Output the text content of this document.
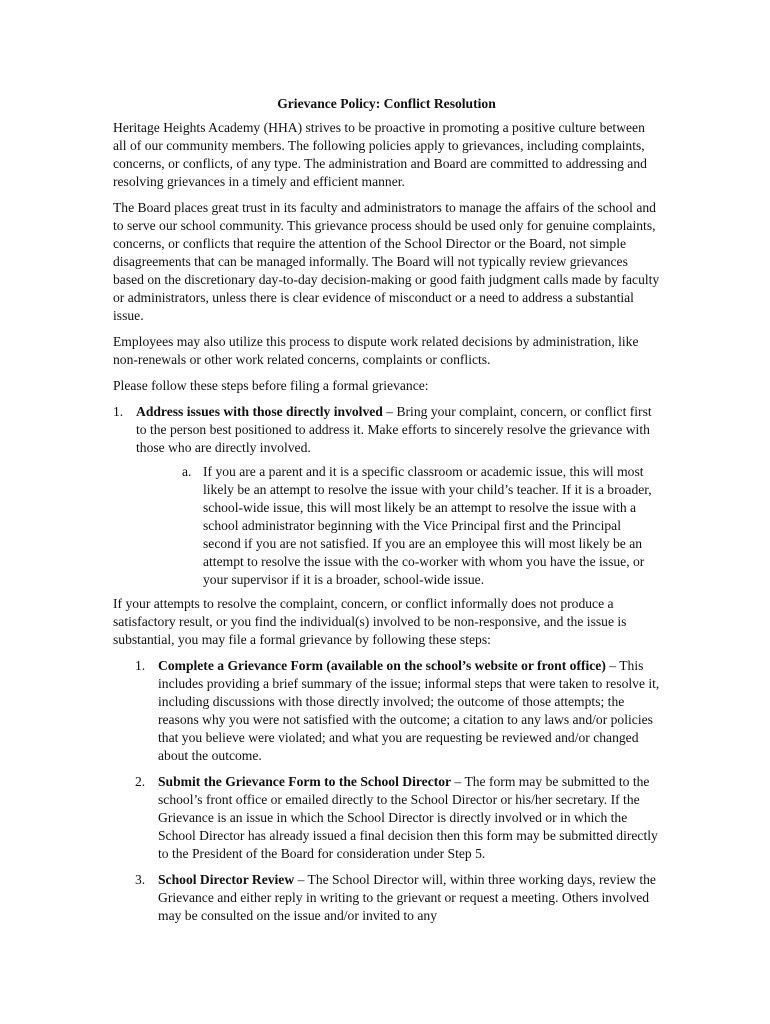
Grievance Policy: Conflict Resolution

Heritage Heights Academy (HHA) strives to be proactive in promoting a positive culture between all of our community members. The following policies apply to grievances, including complaints, concerns, or conflicts, of any type. The administration and Board are committed to addressing and resolving grievances in a timely and efficient manner.

The Board places great trust in its faculty and administrators to manage the affairs of the school and to serve our school community. This grievance process should be used only for genuine complaints, concerns, or conflicts that require the attention of the School Director or the Board, not simple disagreements that can be managed informally. The Board will not typically review grievances based on the discretionary day-to-day decision-making or good faith judgment calls made by faculty or administrators, unless there is clear evidence of misconduct or a need to address a substantial issue.

Employees may also utilize this process to dispute work related decisions by administration, like non-renewals or other work related concerns, complaints or conflicts.

Please follow these steps before filing a formal grievance:

1. Address issues with those directly involved – Bring your complaint, concern, or conflict first to the person best positioned to address it. Make efforts to sincerely resolve the grievance with those who are directly involved.
a. If you are a parent and it is a specific classroom or academic issue, this will most likely be an attempt to resolve the issue with your child’s teacher. If it is a broader, school-wide issue, this will most likely be an attempt to resolve the issue with a school administrator beginning with the Vice Principal first and the Principal second if you are not satisfied. If you are an employee this will most likely be an attempt to resolve the issue with the co-worker with whom you have the issue, or your supervisor if it is a broader, school-wide issue.

If your attempts to resolve the complaint, concern, or conflict informally does not produce a satisfactory result, or you find the individual(s) involved to be non-responsive, and the issue is substantial, you may file a formal grievance by following these steps:

1. Complete a Grievance Form (available on the school’s website or front office) – This includes providing a brief summary of the issue; informal steps that were taken to resolve it, including discussions with those directly involved; the outcome of those attempts; the reasons why you were not satisfied with the outcome; a citation to any laws and/or policies that you believe were violated; and what you are requesting be reviewed and/or changed about the outcome.
2. Submit the Grievance Form to the School Director – The form may be submitted to the school’s front office or emailed directly to the School Director or his/her secretary. If the Grievance is an issue in which the School Director is directly involved or in which the School Director has already issued a final decision then this form may be submitted directly to the President of the Board for consideration under Step 5.
3. School Director Review – The School Director will, within three working days, review the Grievance and either reply in writing to the grievant or request a meeting. Others involved may be consulted on the issue and/or invited to any
